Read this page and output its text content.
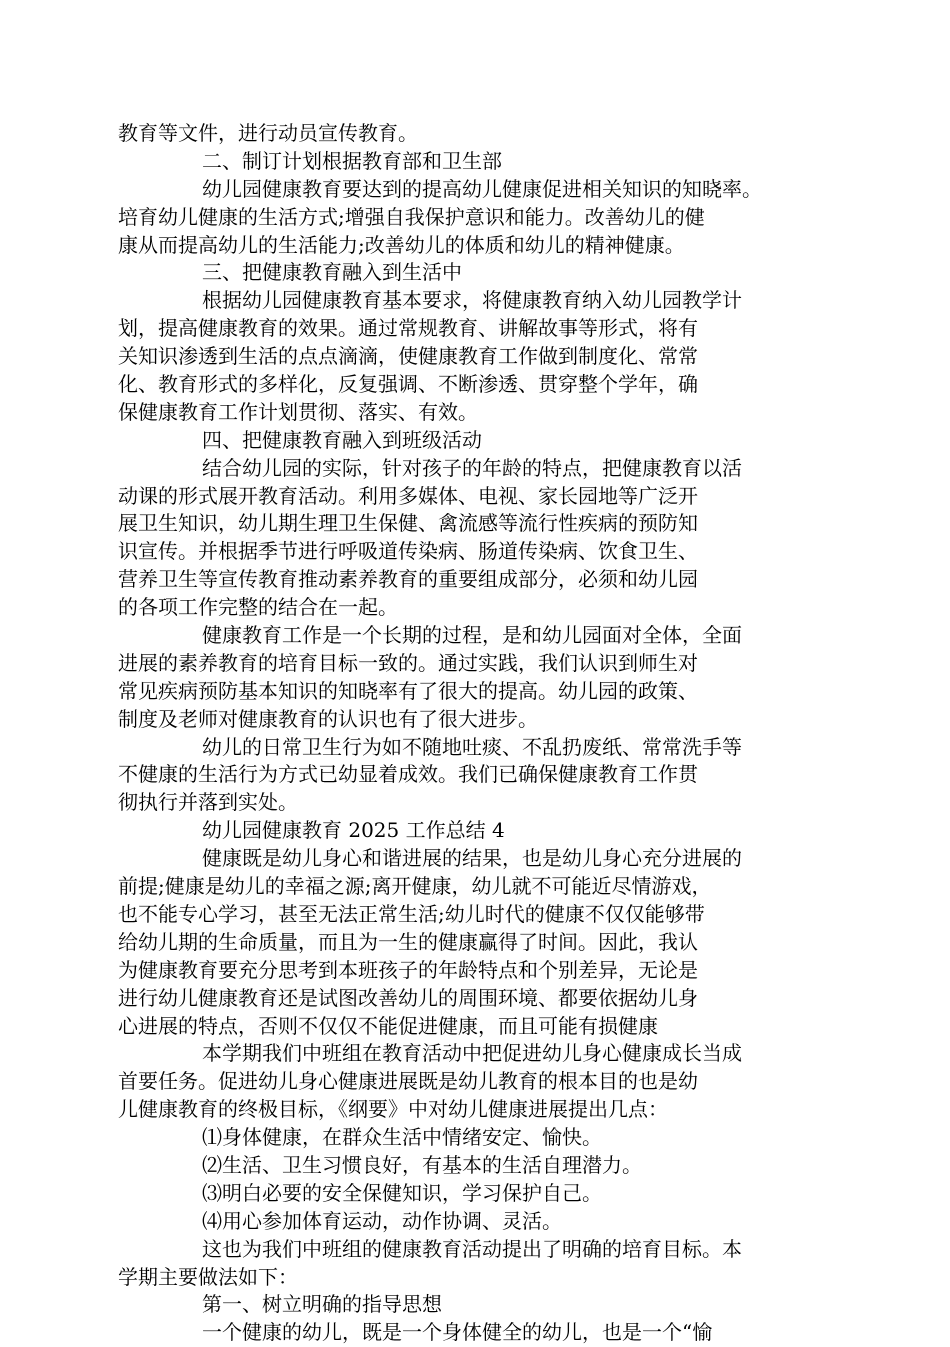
教育等文件，进行动员宣传教育。
二、制订计划根据教育部和卫生部
幼儿园健康教育要达到的提高幼儿健康促进相关知识的知晓率。
培育幼儿健康的生活方式;增强自我保护意识和能力。改善幼儿的健
康从而提高幼儿的生活能力;改善幼儿的体质和幼儿的精神健康。
三、把健康教育融入到生活中
根据幼儿园健康教育基本要求，将健康教育纳入幼儿园教学计
划，提高健康教育的效果。通过常规教育、讲解故事等形式，将有
关知识渗透到生活的点点滴滴，使健康教育工作做到制度化、常常
化、教育形式的多样化，反复强调、不断渗透、贯穿整个学年，确
保健康教育工作计划贯彻、落实、有效。
四、把健康教育融入到班级活动
结合幼儿园的实际，针对孩子的年龄的特点，把健康教育以活
动课的形式展开教育活动。利用多媒体、电视、家长园地等广泛开
展卫生知识，幼儿期生理卫生保健、禽流感等流行性疾病的预防知
识宣传。并根据季节进行呼吸道传染病、肠道传染病、饮食卫生、
营养卫生等宣传教育推动素养教育的重要组成部分，必须和幼儿园
的各项工作完整的结合在一起。
健康教育工作是一个长期的过程，是和幼儿园面对全体，全面
进展的素养教育的培育目标一致的。通过实践，我们认识到师生对
常见疾病预防基本知识的知晓率有了很大的提高。幼儿园的政策、
制度及老师对健康教育的认识也有了很大进步。
幼儿的日常卫生行为如不随地吐痰、不乱扔废纸、常常洗手等
不健康的生活行为方式已幼显着成效。我们已确保健康教育工作贯
彻执行并落到实处。
幼儿园健康教育 2025 工作总结 4
健康既是幼儿身心和谐进展的结果，也是幼儿身心充分进展的
前提;健康是幼儿的幸福之源;离开健康，幼儿就不可能近尽情游戏，
也不能专心学习，甚至无法正常生活;幼儿时代的健康不仅仅能够带
给幼儿期的生命质量，而且为一生的健康赢得了时间。因此，我认
为健康教育要充分思考到本班孩子的年龄特点和个别差异，无论是
进行幼儿健康教育还是试图改善幼儿的周围环境、都要依据幼儿身
心进展的特点，否则不仅仅不能促进健康，而且可能有损健康
本学期我们中班组在教育活动中把促进幼儿身心健康成长当成
首要任务。促进幼儿身心健康进展既是幼儿教育的根本目的也是幼
儿健康教育的终极目标，《纲要》中对幼儿健康进展提出几点：
⑴身体健康，在群众生活中情绪安定、愉快。
⑵生活、卫生习惯良好，有基本的生活自理潜力。
⑶明白必要的安全保健知识，学习保护自己。
⑷用心参加体育运动，动作协调、灵活。
这也为我们中班组的健康教育活动提出了明确的培育目标。本
学期主要做法如下：
第一、树立明确的指导思想
一个健康的幼儿，既是一个身体健全的幼儿，也是一个“愉
